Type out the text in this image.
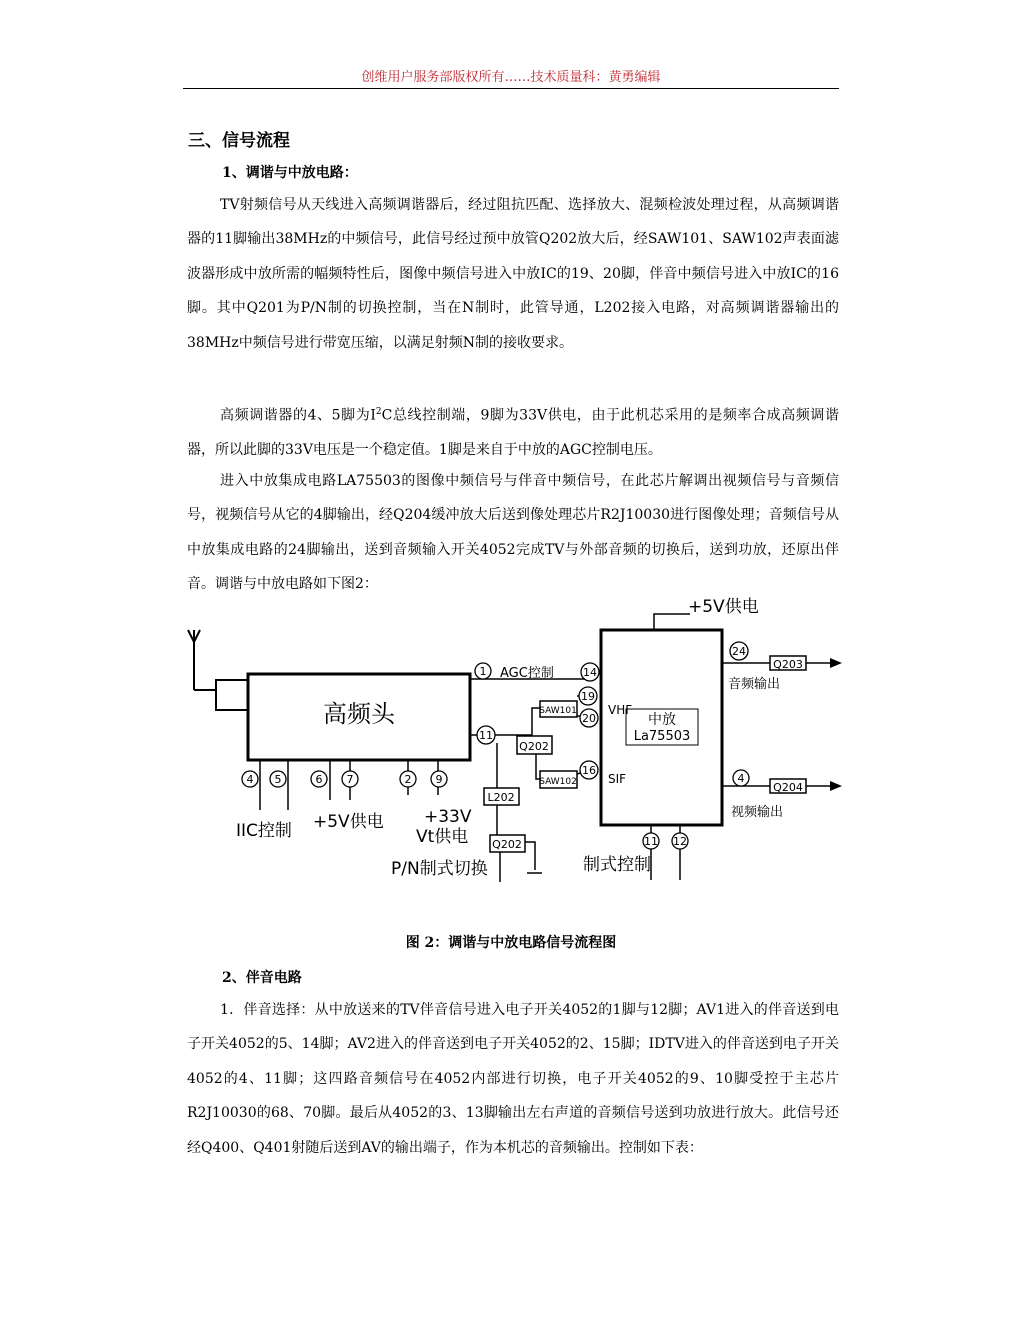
创维用户服务部版权所有……技术质量科：黄勇编辑
三、信号流程
1、调谐与中放电路：

TV射频信号从天线进入高频调谐器后，经过阻抗匹配、选择放大、混频检波处理过程，从高频调谐器的11脚输出38MHz的中频信号，此信号经过预中放管Q202放大后，经SAW101、SAW102声表面滤波器形成中放所需的幅频特性后，图像中频信号进入中放IC的19、20脚，伴音中频信号进入中放IC的16脚。其中Q201为P/N制的切换控制，当在N制时，此管导通，L202接入电路，对高频调谐器输出的38MHz中频信号进行带宽压缩，以满足射频N制的接收要求。

高频调谐器的4、5脚为$I^2C$总线控制端，9脚为33V供电，由于此机芯采用的是频率合成高频调谐器，所以此脚的33V电压是一个稳定值。1脚是来自于中放的AGC控制电压。

进入中放集成电路LA75503的图像中频信号与伴音中频信号，在此芯片解调出视频信号与音频信号，视频信号从它的4脚输出，经Q204缓冲放大后送到像处理芯片R2J10030进行图像处理；音频信号从中放集成电路的24脚输出，送到音频输入开关4052完成TV与外部音频的切换后，送到功放，还原出伴音。调谐与中放电路如下图2：

1	14
19
20
11
16
24
4
4 5	6 7	2 9
11 12
高频头	中放
La75503
+5V供电
AGC控制
SAW101
SAW102
Q202
L202
Q202
Q203
Q204
VHF
SIF
音频输出
视频输出
IIC控制 +5V供电 +33V
Vt供电
P/N制式切换	制式控制
图 2：调谐与中放电路信号流程图
2、伴音电路

1．伴音选择：从中放送来的TV伴音信号进入电子开关4052的1脚与12脚；AV1进入的伴音送到电子开关4052的5、14脚；AV2进入的伴音送到电子开关4052的2、15脚；IDTV进入的伴音送到电子开关4052的4、11脚；这四路音频信号在4052内部进行切换，电子开关4052的9、10脚受控于主芯片R2J10030的68、70脚。最后从4052的3、13脚输出左右声道的音频信号送到功放进行放大。此信号还经Q400、Q401射随后送到AV的输出端子，作为本机芯的音频输出。控制如下表：
